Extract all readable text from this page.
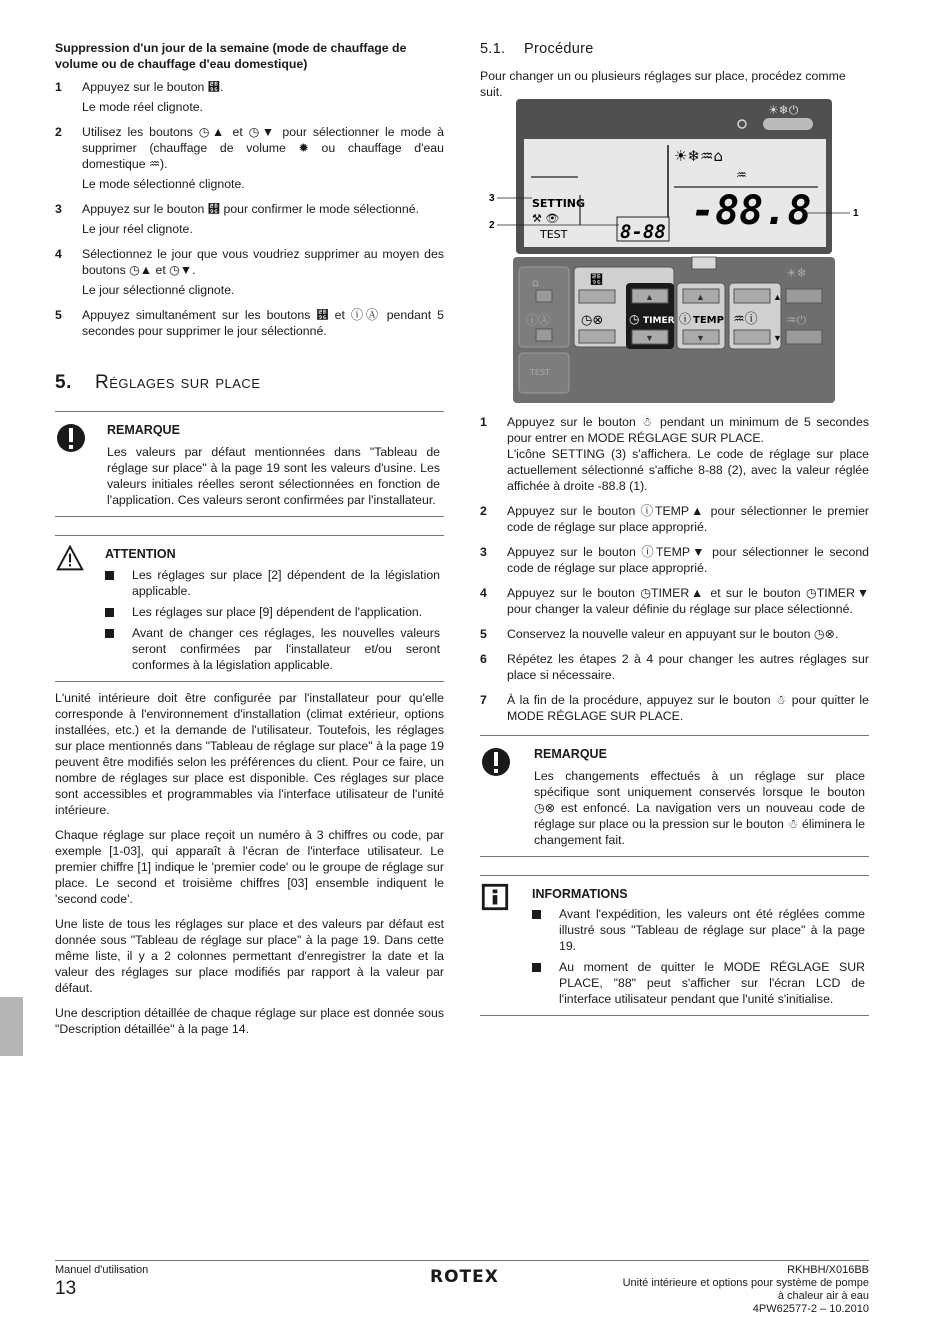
Suppression d'un jour de la semaine (mode de chauffage de volume ou de chauffage d'eau domestique)

1 Appuyez sur le bouton ⮖.

Le mode réel clignote.

2 Utilisez les boutons ◷▲ et ◷▼ pour sélectionner le mode à supprimer (chauffage de volume ✹ ou chauffage d'eau domestique ♒).

Le mode sélectionné clignote.

3 Appuyez sur le bouton ⮖ pour confirmer le mode sélectionné.

Le jour réel clignote.

4 Sélectionnez le jour que vous voudriez supprimer au moyen des boutons ◷▲ et ◷▼.

Le jour sélectionné clignote.

5 Appuyez simultanément sur les boutons ⮖ et ⓘⒶ pendant 5 secondes pour supprimer le jour sélectionné.

5. Réglages sur place

REMARQUE

Les valeurs par défaut mentionnées dans "Tableau de réglage sur place" à la page 19 sont les valeurs d'usine. Les valeurs initiales réelles seront sélectionnées en fonction de l'application. Ces valeurs seront confirmées par l'installateur.

ATTENTION

Les réglages sur place [2] dépendent de la législation applicable.
Les réglages sur place [9] dépendent de l'application.
Avant de changer ces réglages, les nouvelles valeurs seront confirmées par l'installateur et/ou seront conformes à la législation applicable.

L'unité intérieure doit être configurée par l'installateur pour qu'elle corresponde à l'environnement d'installation (climat extérieur, options installées, etc.) et la demande de l'utilisateur. Toutefois, les réglages sur place mentionnés dans "Tableau de réglage sur place" à la page 19 peuvent être modifiés selon les préférences du client. Pour ce faire, un nombre de réglages sur place est disponible. Ces réglages sur place sont accessibles et programmables via l'interface utilisateur de l'unité intérieure.

Chaque réglage sur place reçoit un numéro à 3 chiffres ou code, par exemple [1-03], qui apparaît à l'écran de l'interface utilisateur. Le premier chiffre [1] indique le 'premier code' ou le groupe de réglage sur place. Le second et troisième chiffres [03] ensemble indiquent le 'second code'.

Une liste de tous les réglages sur place et des valeurs par défaut est donnée sous "Tableau de réglage sur place" à la page 19. Dans cette même liste, il y a 2 colonnes permettant d'enregistrer la date et la valeur des réglages sur place modifiés par rapport à la valeur par défaut.

Une description détaillée de chaque réglage sur place est donnée sous "Description détaillée" à la page 14.

5.1. Procédure

Pour changer un ou plusieurs réglages sur place, procédez comme suit.

SETTING
TEST
⚒ 👁
8-88 -88.8
☀❄♒⌂
♒
☀❄⏻
3
2
1
⌂
ⓘⒶ
TEST
⮖
◷⊗
▲
◷ TIMER
▼
▲
ⓘ TEMP
▼
▲
♒ⓘ
▼
☀❄
♒⏻
1 Appuyez sur le bouton ☃ pendant un minimum de 5 secondes pour entrer en MODE RÉGLAGE SUR PLACE.

L'icône SETTING (3) s'affichera. Le code de réglage sur place actuellement sélectionné s'affiche 8-88 (2), avec la valeur réglée affichée à droite -88.8 (1).

2 Appuyez sur le bouton ⓘTEMP▲ pour sélectionner le premier code de réglage sur place approprié.

3 Appuyez sur le bouton ⓘTEMP▼ pour sélectionner le second code de réglage sur place approprié.

4 Appuyez sur le bouton ◷TIMER▲ et sur le bouton ◷TIMER▼ pour changer la valeur définie du réglage sur place sélectionné.

5 Conservez la nouvelle valeur en appuyant sur le bouton ◷⊗.

6 Répétez les étapes 2 à 4 pour changer les autres réglages sur place si nécessaire.

7 À la fin de la procédure, appuyez sur le bouton ☃ pour quitter le MODE RÉGLAGE SUR PLACE.

REMARQUE

Les changements effectués à un réglage sur place spécifique sont uniquement conservés lorsque le bouton ◷⊗ est enfoncé. La navigation vers un nouveau code de réglage sur place ou la pression sur le bouton ☃ éliminera le changement fait.

INFORMATIONS

Avant l'expédition, les valeurs ont été réglées comme illustré sous "Tableau de réglage sur place" à la page 19.
Au moment de quitter le MODE RÉGLAGE SUR PLACE, "88" peut s'afficher sur l'écran LCD de l'interface utilisateur pendant que l'unité s'initialise.
Manuel d'utilisation
13
ROTEX	RKHBH/X016BB
Unité intérieure et options pour système de pompe
à chaleur air à eau
4PW62577-2 – 10.2010
